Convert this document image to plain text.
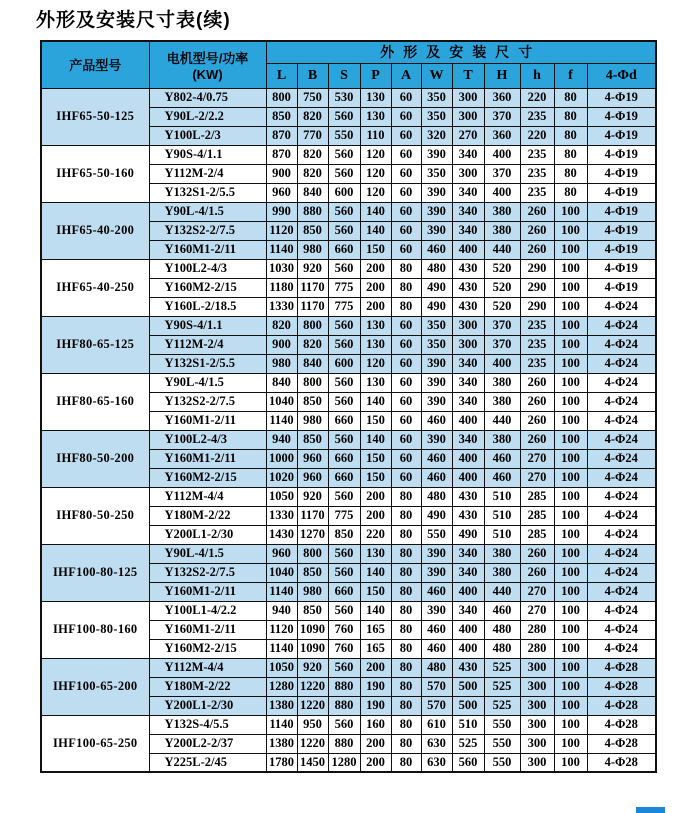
外形及安装尺寸表(续)
产品型号	电机型号/功率
(KW)	外形及安装尺寸										
		L	B	S	P	A	W	T	H	h	f	4-Φd
IHF65-50-125	Y802-4/0.75	800	750	530	130	60	350	300	360	220	80	4-Φ19
	Y90L-2/2.2	850	820	560	130	60	350	300	370	235	80	4-Φ19
	Y100L-2/3	870	770	550	110	60	320	270	360	220	80	4-Φ19
IHF65-50-160	Y90S-4/1.1	870	820	560	120	60	390	340	400	235	80	4-Φ19
	Y112M-2/4	900	820	560	120	60	350	300	370	235	80	4-Φ19
	Y132S1-2/5.5	960	840	600	120	60	390	340	400	235	80	4-Φ19
IHF65-40-200	Y90L-4/1.5	990	880	560	140	60	390	340	380	260	100	4-Φ19
	Y132S2-2/7.5	1120	850	560	140	60	390	340	380	260	100	4-Φ19
	Y160M1-2/11	1140	980	660	150	60	460	400	440	260	100	4-Φ19
IHF65-40-250	Y100L2-4/3	1030	920	560	200	80	480	430	520	290	100	4-Φ19
	Y160M2-2/15	1180	1170	775	200	80	490	430	520	290	100	4-Φ19
	Y160L-2/18.5	1330	1170	775	200	80	490	430	520	290	100	4-Φ24
IHF80-65-125	Y90S-4/1.1	820	800	560	130	60	350	300	370	235	100	4-Φ24
	Y112M-2/4	900	820	560	130	60	350	300	370	235	100	4-Φ24
	Y132S1-2/5.5	980	840	600	120	60	390	340	400	235	100	4-Φ24
IHF80-65-160	Y90L-4/1.5	840	800	560	130	60	390	340	380	260	100	4-Φ24
	Y132S2-2/7.5	1040	850	560	140	60	390	340	380	260	100	4-Φ24
	Y160M1-2/11	1140	980	660	150	60	460	400	440	260	100	4-Φ24
IHF80-50-200	Y100L2-4/3	940	850	560	140	60	390	340	380	260	100	4-Φ24
	Y160M1-2/11	1000	960	660	150	60	460	400	460	270	100	4-Φ24
	Y160M2-2/15	1020	960	660	150	60	460	400	460	270	100	4-Φ24
IHF80-50-250	Y112M-4/4	1050	920	560	200	80	480	430	510	285	100	4-Φ24
	Y180M-2/22	1330	1170	775	200	80	490	430	510	285	100	4-Φ24
	Y200L1-2/30	1430	1270	850	220	80	550	490	510	285	100	4-Φ24
IHF100-80-125	Y90L-4/1.5	960	800	560	130	80	390	340	380	260	100	4-Φ24
	Y132S2-2/7.5	1040	850	560	140	80	390	340	380	260	100	4-Φ24
	Y160M1-2/11	1140	980	660	150	80	460	400	440	270	100	4-Φ24
IHF100-80-160	Y100L1-4/2.2	940	850	560	140	80	390	340	460	270	100	4-Φ24
	Y160M1-2/11	1120	1090	760	165	80	460	400	480	280	100	4-Φ24
	Y160M2-2/15	1140	1090	760	165	80	460	400	480	280	100	4-Φ24
IHF100-65-200	Y112M-4/4	1050	920	560	200	80	480	430	525	300	100	4-Φ28
	Y180M-2/22	1280	1220	880	190	80	570	500	525	300	100	4-Φ28
	Y200L1-2/30	1380	1220	880	190	80	570	500	525	300	100	4-Φ28
IHF100-65-250	Y132S-4/5.5	1140	950	560	160	80	610	510	550	300	100	4-Φ28
	Y200L2-2/37	1380	1220	880	200	80	630	525	550	300	100	4-Φ28
	Y225L-2/45	1780	1450	1280	200	80	630	560	550	300	100	4-Φ28
